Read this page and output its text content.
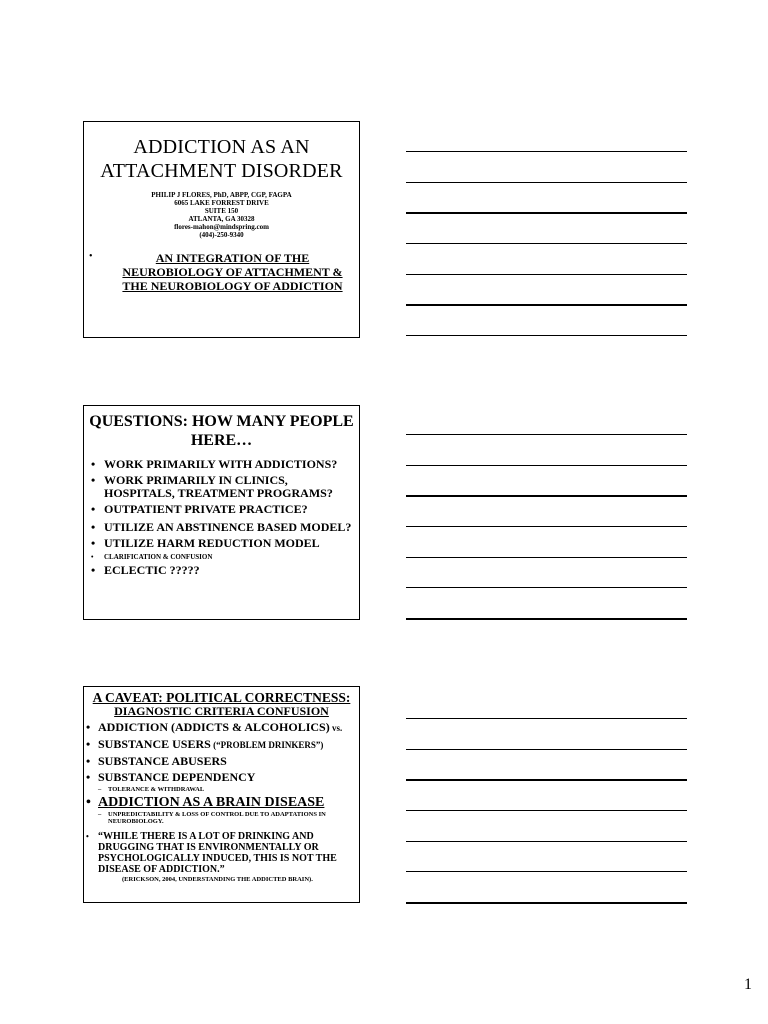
ADDICTION AS AN ATTACHMENT DISORDER
PHILIP J FLORES, PhD, ABPP, CGP, FAGPA
6065 LAKE FORREST DRIVE
SUITE 150
ATLANTA, GA 30328
flores-mahon@mindspring.com
(404)-250-9340
•	AN INTEGRATION OF THE NEUROBIOLOGY OF ATTACHMENT & THE NEUROBIOLOGY OF ADDICTION
QUESTIONS: HOW MANY PEOPLE HERE…
• WORK PRIMARILY WITH ADDICTIONS?
• WORK PRIMARILY IN CLINICS, HOSPITALS, TREATMENT PROGRAMS?
• OUTPATIENT PRIVATE PRACTICE?
• UTILIZE AN ABSTINENCE BASED MODEL?
• UTILIZE HARM REDUCTION MODEL
• CLARIFICATION & CONFUSION
• ECLECTIC ?????
A CAVEAT: POLITICAL CORRECTNESS:
DIAGNOSTIC CRITERIA CONFUSION
• ADDICTION (ADDICTS & ALCOHOLICS) vs.
• SUBSTANCE USERS (“PROBLEM DRINKERS”)
• SUBSTANCE ABUSERS
• SUBSTANCE DEPENDENCY
– TOLERANCE & WITHDRAWAL
• ADDICTION AS A BRAIN DISEASE
– UNPREDICTABILITY & LOSS OF CONTROL DUE TO ADAPTATIONS IN NEUROBIOLOGY.
• “WHILE THERE IS A LOT OF DRINKING AND DRUGGING THAT IS ENVIRONMENTALLY OR PSYCHOLOGICALLY INDUCED, THIS IS NOT THE DISEASE OF ADDICTION.”
(ERICKSON, 2004, UNDERSTANDING THE ADDICTED BRAIN).
1
